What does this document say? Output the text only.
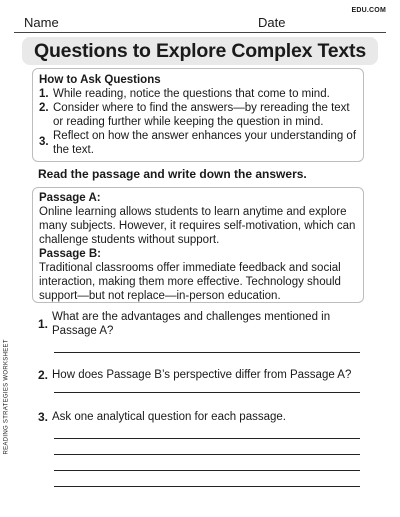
Name	Date
EDU.COM
Questions to Explore Complex Texts
How to Ask Questions
1. While reading, notice the questions that come to mind.
2. Consider where to find the answers—by rereading the text or reading further while keeping the question in mind.
3. Reflect on how the answer enhances your understanding of the text.
Read the passage and write down the answers.
Passage A:
Online learning allows students to learn anytime and explore many subjects. However, it requires self-motivation, which can challenge students without support.
Passage B:
Traditional classrooms offer immediate feedback and social interaction, making them more effective. Technology should support—but not replace—in-person education.
1. What are the advantages and challenges mentioned in Passage A?
2. How does Passage B’s perspective differ from Passage A?
3. Ask one analytical question for each passage.
READING STRATEGIES WORKSHEET
